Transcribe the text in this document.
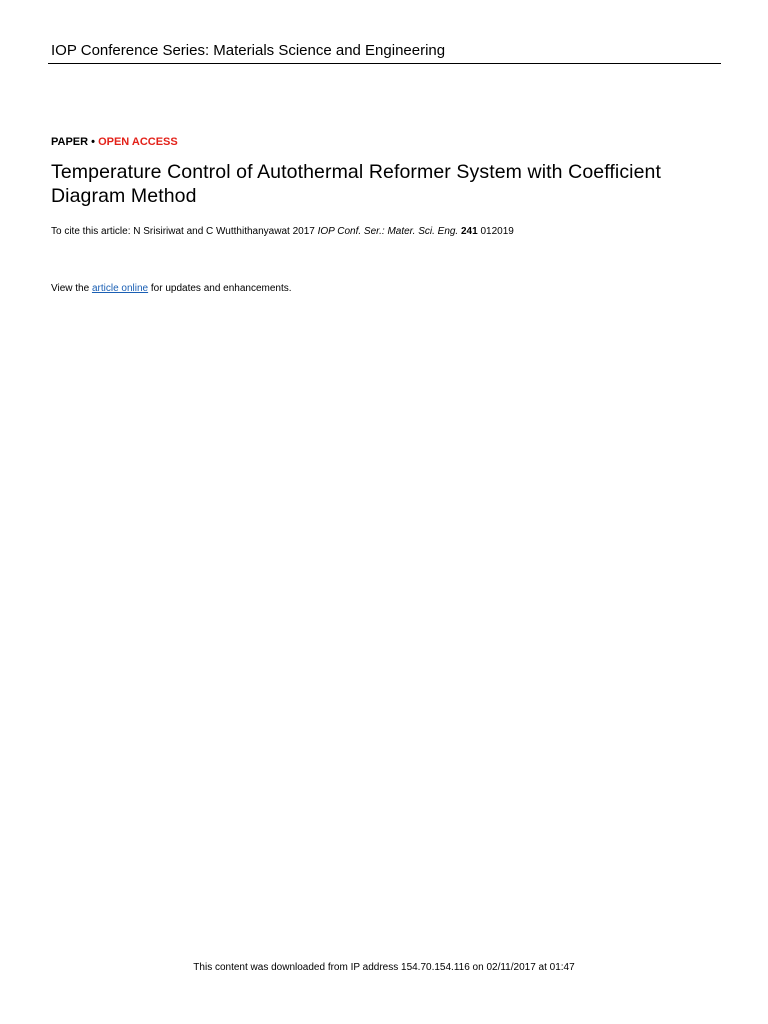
IOP Conference Series: Materials Science and Engineering
PAPER • OPEN ACCESS
Temperature Control of Autothermal Reformer System with Coefficient Diagram Method
To cite this article: N Srisiriwat and C Wutthithanyawat 2017 IOP Conf. Ser.: Mater. Sci. Eng. 241 012019
View the article online for updates and enhancements.
This content was downloaded from IP address 154.70.154.116 on 02/11/2017 at 01:47
